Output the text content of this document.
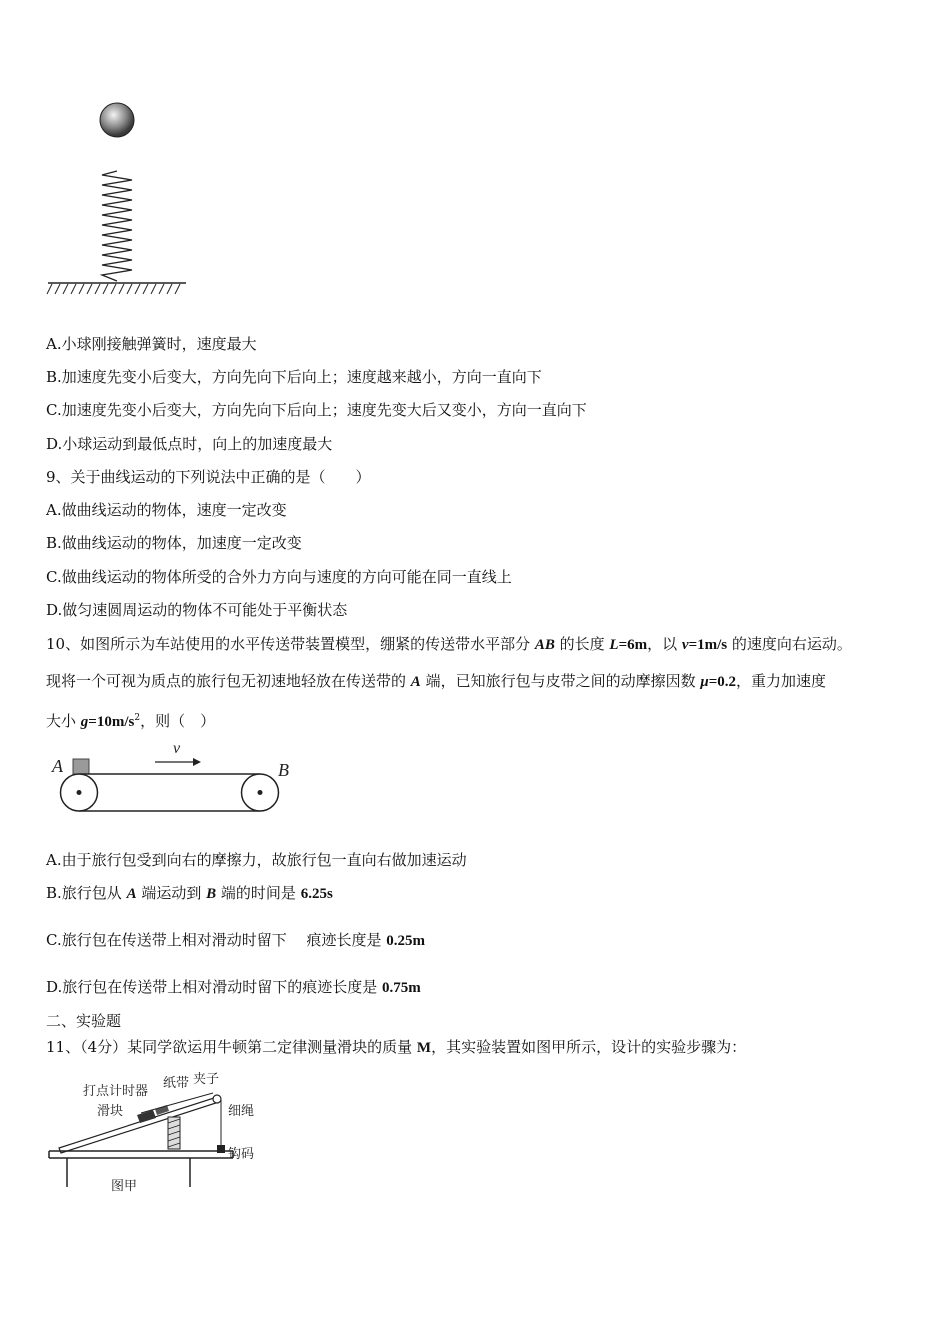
A.小球刚接触弹簧时，速度最大
B.加速度先变小后变大，方向先向下后向上；速度越来越小，方向一直向下
C.加速度先变小后变大，方向先向下后向上；速度先变大后又变小，方向一直向下
D.小球运动到最低点时，向上的加速度最大
9、关于曲线运动的下列说法中正确的是（　　）
A.做曲线运动的物体，速度一定改变
B.做曲线运动的物体，加速度一定改变
C.做曲线运动的物体所受的合外力方向与速度的方向可能在同一直线上
D.做匀速圆周运动的物体不可能处于平衡状态
10、如图所示为车站使用的水平传送带装置模型，绷紧的传送带水平部分 AB 的长度 L=6m，以 v=1m/s 的速度向右运动。
现将一个可视为质点的旅行包无初速地轻放在传送带的 A 端，已知旅行包与皮带之间的动摩擦因数 μ=0.2，重力加速度
大小 $g=10m/s^2$，则（　）
A	B
v
A.由于旅行包受到向右的摩擦力，故旅行包一直向右做加速运动
B.旅行包从 A 端运动到 B 端的时间是 6.25s
C.旅行包在传送带上相对滑动时留下　 痕迹长度是 0.25m
D.旅行包在传送带上相对滑动时留下的痕迹长度是 0.75m
二、实验题
11、（4分）某同学欲运用牛顿第二定律测量滑块的质量 M，其实验装置如图甲所示，设计的实验步骤为：
打点计时器
纸带 夹子
滑块	细绳
钩码
图甲
